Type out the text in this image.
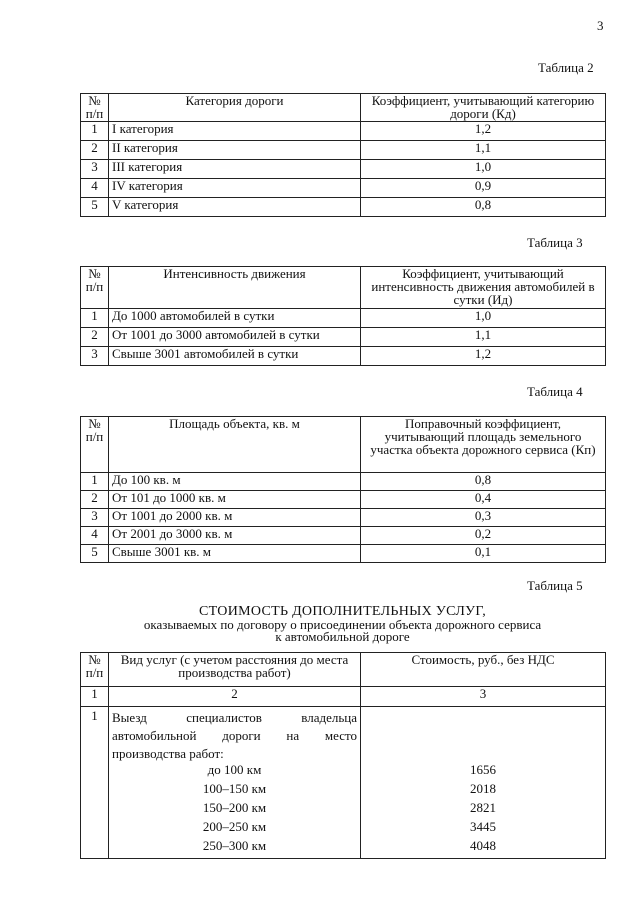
3
Таблица 2
№ п/п	Категория дороги	Коэффициент, учитывающий категорию дороги (Кд)
1	I категория	1,2
2	II категория	1,1
3	III категория	1,0
4	IV категория	0,9
5	V категория	0,8
Таблица 3
№ п/п	Интенсивность движения	Коэффициент, учитывающий интенсивность движения автомобилей в сутки (Ид)
1	До 1000 автомобилей в сутки	1,0
2	От 1001 до 3000 автомобилей в сутки	1,1
3	Свыше 3001 автомобилей в сутки	1,2
Таблица 4
№ п/п	Площадь объекта, кв. м	Поправочный коэффициент, учитывающий площадь земельного участка объекта дорожного сервиса (Кп)
1	До 100 кв. м	0,8
2	От 101 до 1000 кв. м	0,4
3	От 1001 до 2000 кв. м	0,3
4	От 2001 до 3000 кв. м	0,2
5	Свыше 3001 кв. м	0,1
Таблица 5
СТОИМОСТЬ ДОПОЛНИТЕЛЬНЫХ УСЛУГ,
оказываемых по договору о присоединении объекта дорожного сервиса
к автомобильной дороге
№ п/п	Вид услуг (с учетом расстояния до места производства работ)	Стоимость, руб., без НДС
1	2	3
1	Выезд специалистов владельца автомобильной дороги на место производства работ:	
	до 100 км	1656
	100–150 км	2018
	150–200 км	2821
	200–250 км	3445
	250–300 км	4048
